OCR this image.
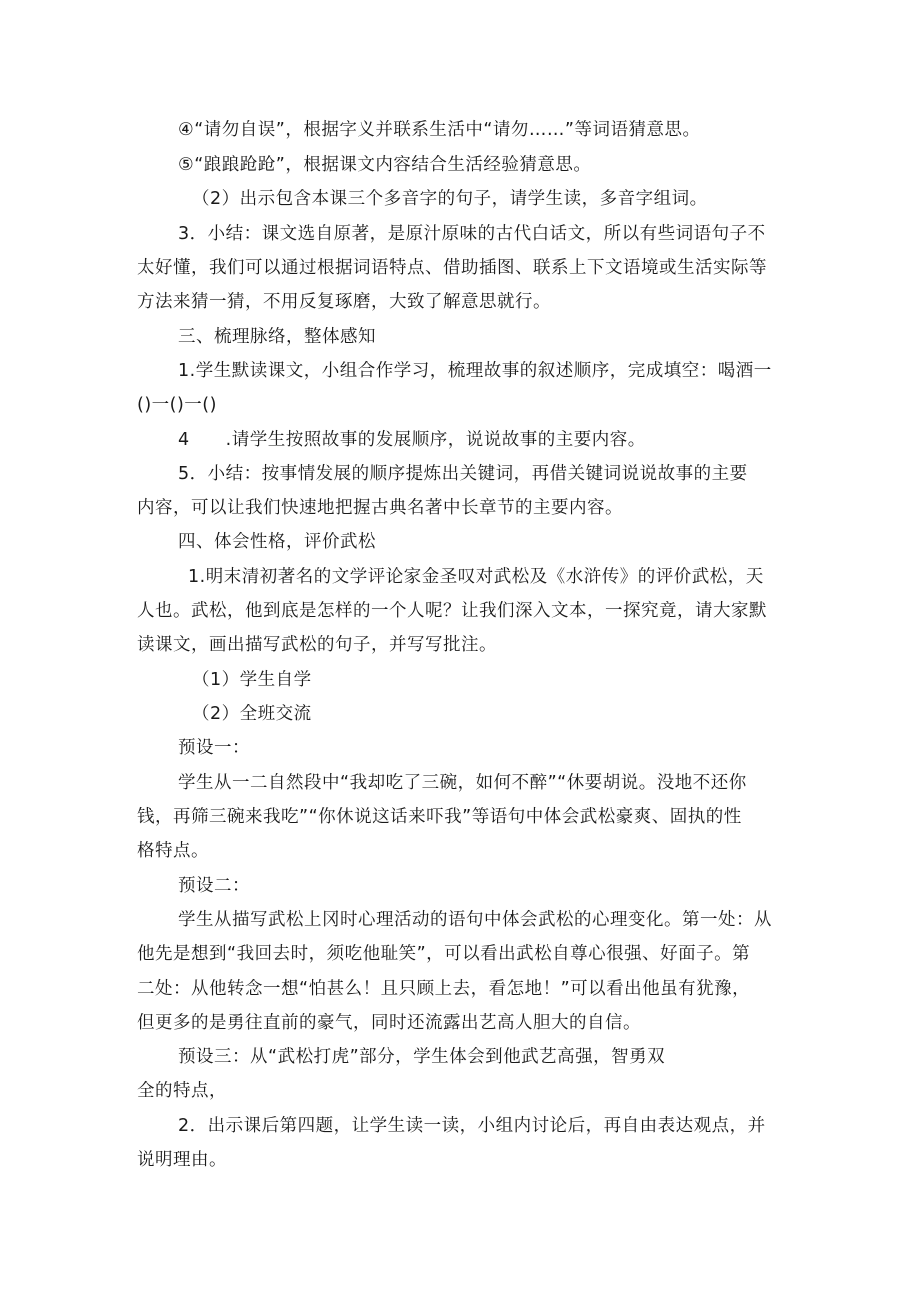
④“请勿自误”，根据字义并联系生活中“请勿……”等词语猜意思。
⑤“踉踉跄跄”，根据课文内容结合生活经验猜意思。
（2）出示包含本课三个多音字的句子，请学生读，多音字组词。
3．小结：课文选自原著，是原汁原味的古代白话文，所以有些词语句子不
太好懂，我们可以通过根据词语特点、借助插图、联系上下文语境或生活实际等
方法来猜一猜，不用反复琢磨，大致了解意思就行。
三、梳理脉络，整体感知
1.学生默读课文，小组合作学习，梳理故事的叙述顺序，完成填空：喝酒一
()一()一()
4　　.请学生按照故事的发展顺序，说说故事的主要内容。
5．小结：按事情发展的顺序提炼出关键词，再借关键词说说故事的主要
内容，可以让我们快速地把握古典名著中长章节的主要内容。
四、体会性格，评价武松
1.明末清初著名的文学评论家金圣叹对武松及《水浒传》的评价武松，天
人也。武松，他到底是怎样的一个人呢？让我们深入文本，一探究竟，请大家默
读课文，画出描写武松的句子，并写写批注。
（1）学生自学
（2）全班交流
预设一：
学生从一二自然段中“我却吃了三碗，如何不醉”“休要胡说。没地不还你
钱，再筛三碗来我吃”“你休说这话来吓我”等语句中体会武松豪爽、固执的性
格特点。
预设二：
学生从描写武松上冈时心理活动的语句中体会武松的心理变化。第一处：从
他先是想到“我回去时，须吃他耻笑”，可以看出武松自尊心很强、好面子。第
二处：从他转念一想“怕甚么！且只顾上去，看怎地！”可以看出他虽有犹豫，
但更多的是勇往直前的豪气，同时还流露出艺高人胆大的自信。
预设三：从“武松打虎”部分，学生体会到他武艺高强，智勇双
全的特点，
2．出示课后第四题，让学生读一读，小组内讨论后，再自由表达观点，并
说明理由。
